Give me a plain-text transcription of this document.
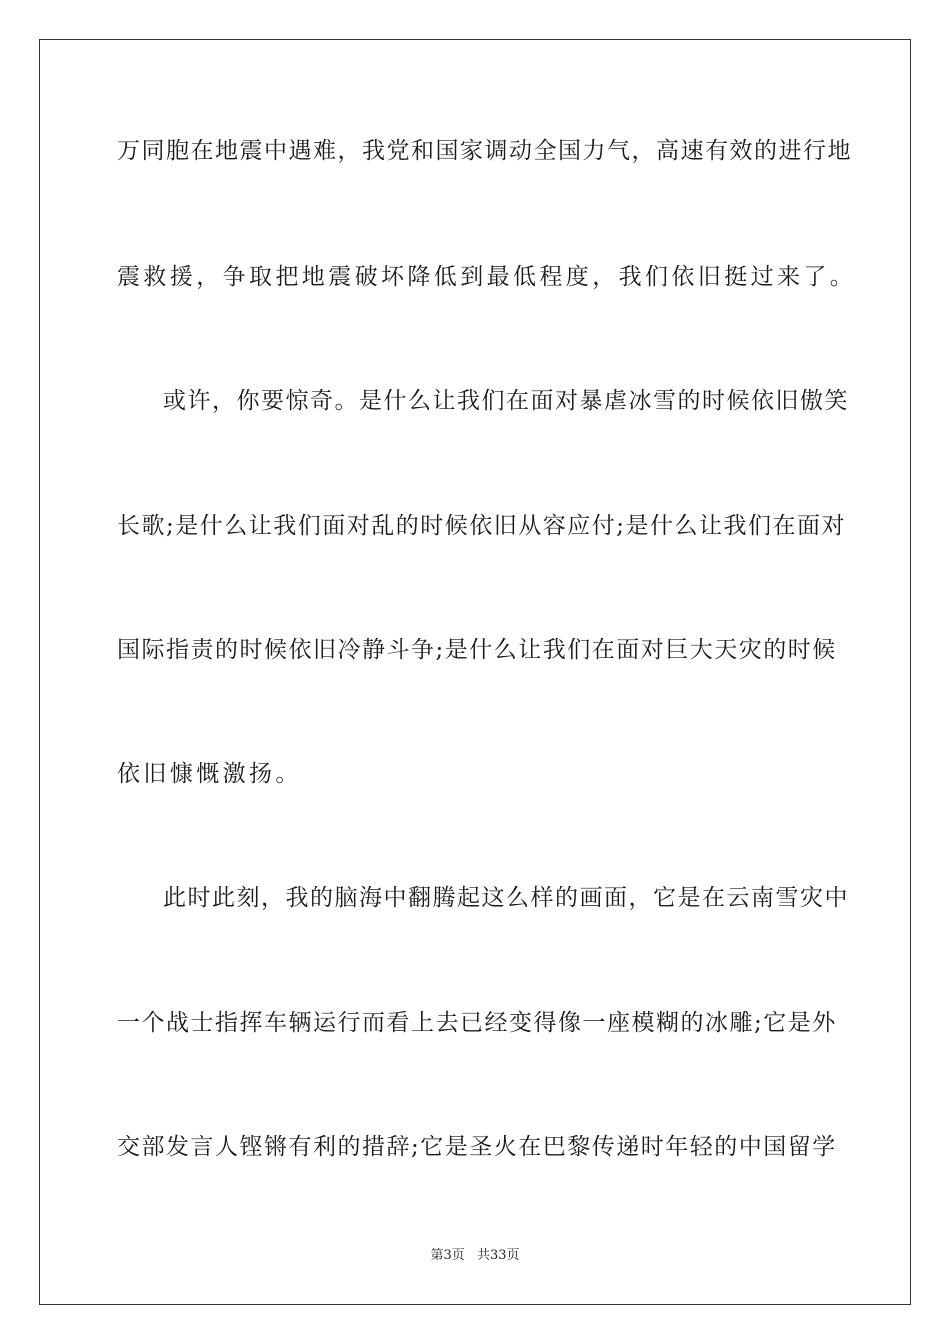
万同胞在地震中遇难，我党和国家调动全国力气，高速有效的进行地
震救援，争取把地震破坏降低到最低程度，我们依旧挺过来了。
或许，你要惊奇。是什么让我们在面对暴虐冰雪的时候依旧傲笑
长歌;是什么让我们面对乱的时候依旧从容应付;是什么让我们在面对
国际指责的时候依旧冷静斗争;是什么让我们在面对巨大天灾的时候
依旧慷慨激扬。
此时此刻，我的脑海中翻腾起这么样的画面，它是在云南雪灾中
一个战士指挥车辆运行而看上去已经变得像一座模糊的冰雕;它是外
交部发言人铿锵有利的措辞;它是圣火在巴黎传递时年轻的中国留学
第3页 共33页
